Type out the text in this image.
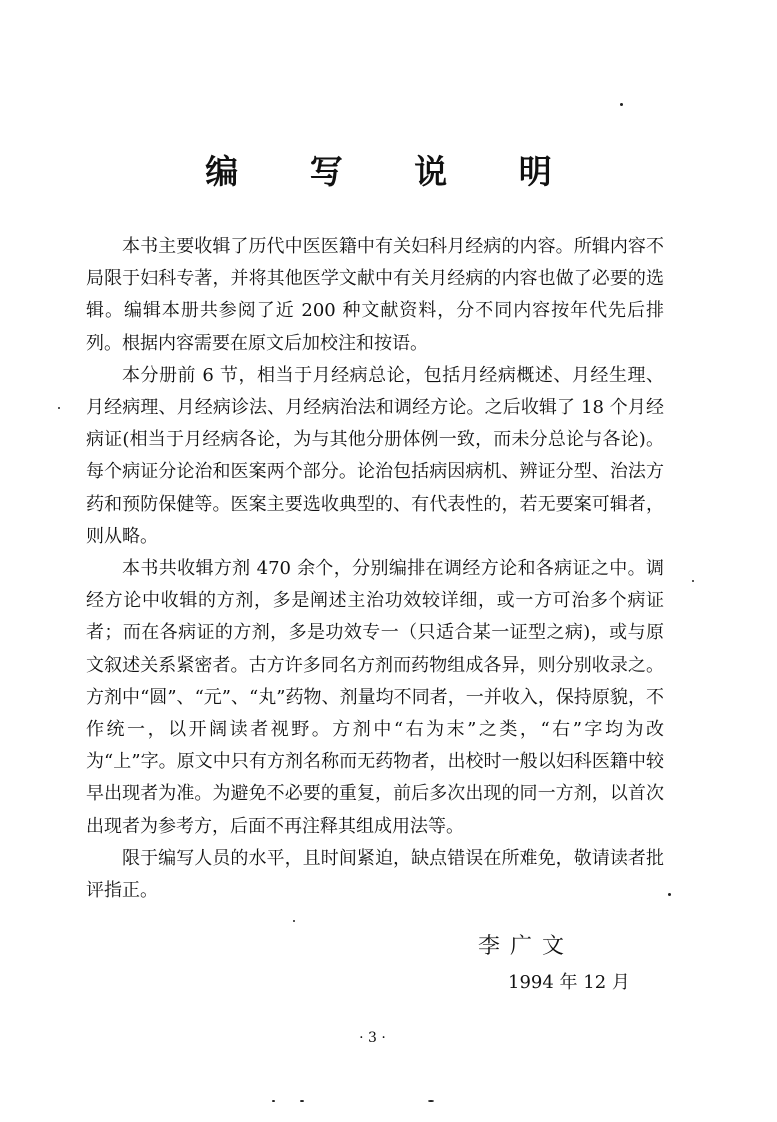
编 写 说 明

本书主要收辑了历代中医医籍中有关妇科月经病的内容。所辑内容不局限于妇科专著，并将其他医学文献中有关月经病的内容也做了必要的选辑。编辑本册共参阅了近 200 种文献资料，分不同内容按年代先后排列。根据内容需要在原文后加校注和按语。

本分册前 6 节，相当于月经病总论，包括月经病概述、月经生理、月经病理、月经病诊法、月经病治法和调经方论。之后收辑了 18 个月经病证(相当于月经病各论，为与其他分册体例一致，而未分总论与各论)。每个病证分论治和医案两个部分。论治包括病因病机、辨证分型、治法方药和预防保健等。医案主要选收典型的、有代表性的，若无要案可辑者，则从略。

本书共收辑方剂 470 余个，分别编排在调经方论和各病证之中。调经方论中收辑的方剂，多是阐述主治功效较详细，或一方可治多个病证者；而在各病证的方剂，多是功效专一（只适合某一证型之病)，或与原文叙述关系紧密者。古方许多同名方剂而药物组成各异，则分别收录之。方剂中“圆”、“元”、“丸”药物、剂量均不同者，一并收入，保持原貌，不作统一，以开阔读者视野。方剂中“右为末”之类，“右”字均为改为“上”字。原文中只有方剂名称而无药物者，出校时一般以妇科医籍中较早出现者为准。为避免不必要的重复，前后多次出现的同一方剂，以首次出现者为参考方，后面不再注释其组成用法等。

限于编写人员的水平，且时间紧迫，缺点错误在所难免，敬请读者批评指正。

李广文
1994 年 12 月
· 3 ·
